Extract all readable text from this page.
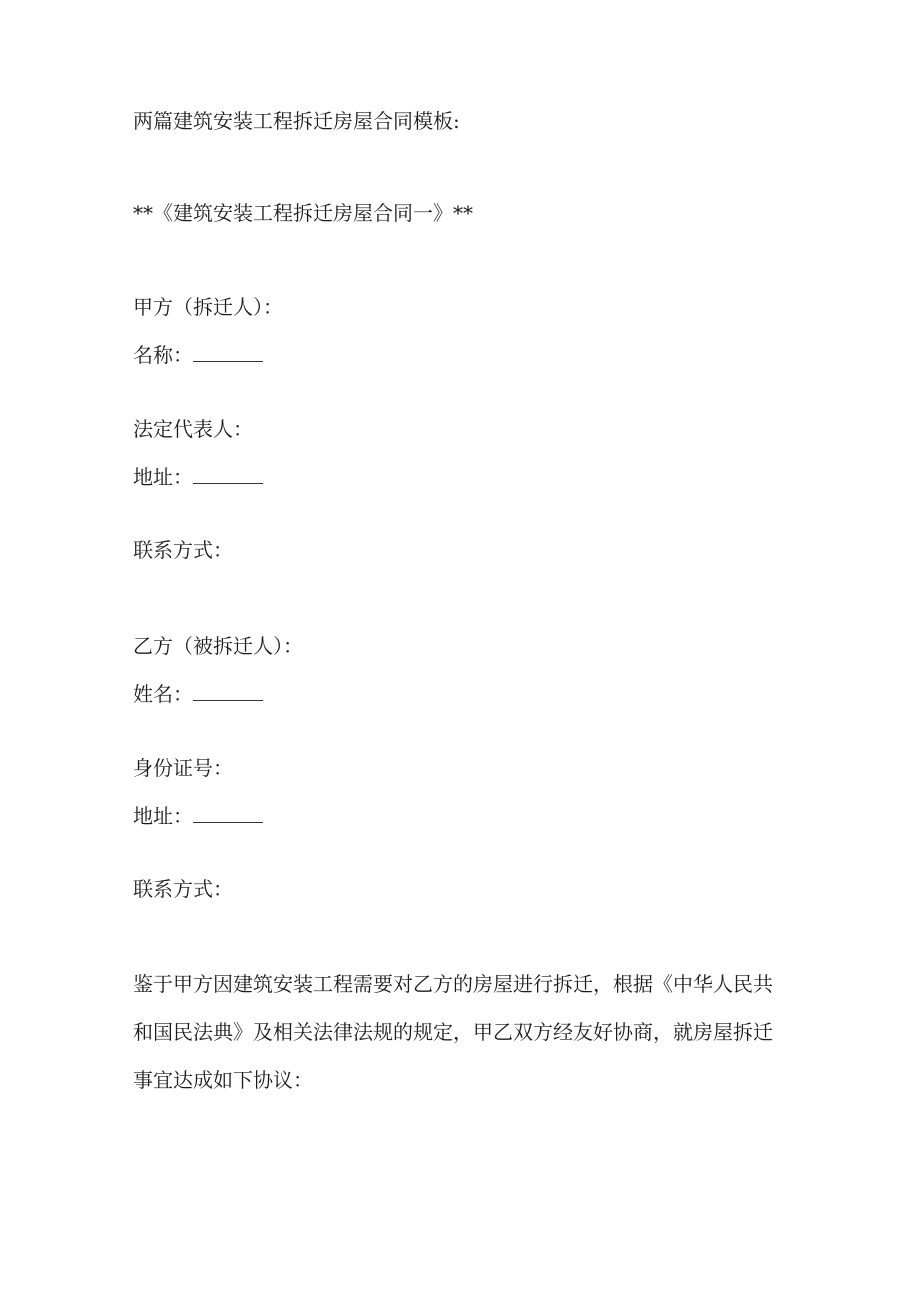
两篇建筑安装工程拆迁房屋合同模板:
**《建筑安装工程拆迁房屋合同一》**
甲方（拆迁人）：
名称：
法定代表人：
地址：
联系方式：
乙方（被拆迁人）：
姓名：
身份证号：
地址：
联系方式：
鉴于甲方因建筑安装工程需要对乙方的房屋进行拆迁，根据《中华人民共和国民法典》及相关法律法规的规定，甲乙双方经友好协商，就房屋拆迁事宜达成如下协议：
